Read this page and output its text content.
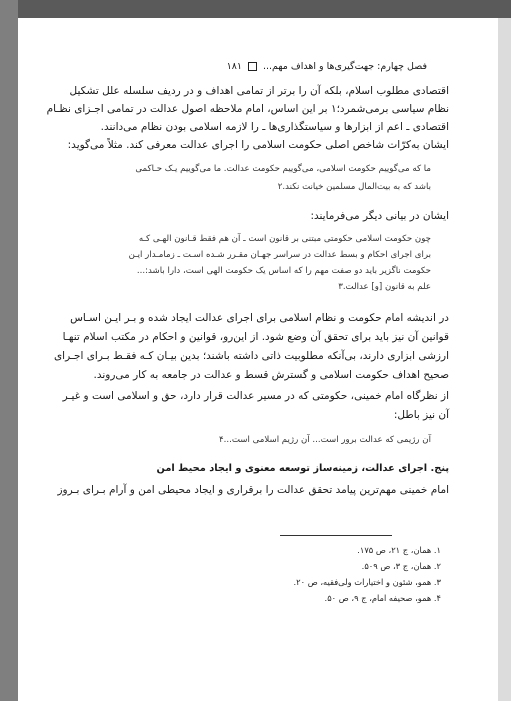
فصل چهارم: جهت‌گیری‌ها و اهداف مهم...۱۸۱
اقتصادی مطلوب اسلام، بلکه آن را برتر از تمامی اهداف و در ردیف سلسله علل تشکیل
نظام سیاسی برمی‌شمرد؛۱ بر این اساس، امام ملاحظه اصول عدالت در تمامی اجـزای نظـام
اقتصادی ـ اعم از ابزارها و سیاستگذاری‌ها ـ را لازمه اسلامی بودن نظام می‌دانند.
ایشان به‌کرّات شاخص اصلی حکومت اسلامی را اجرای عدالت معرفی کند. مثلاً می‌گوید:
ما که می‌گوییم حکومت اسلامی، می‌گوییم حکومت عدالت. ما می‌گوییم یـک حـاکمی
باشد که به بیت‌المال مسلمین خیانت نکند.۲
ایشان در بیانی دیگر می‌فرمایند:
چون حکومت اسلامی حکومتی مبتنی بر قانون است ـ آن هم فقط قـانون الهـی کـه
برای اجرای احکام و بسط عدالت در سراسر جهـان مقـرر شـده اسـت ـ زمامـدار ایـن
حکومت ناگزیر باید دو صفت مهم را که اساس یک حکومت الهی است، دارا باشد:...
علم به قانون [و] عدالت.۳
در اندیشه امام حکومت و نظام اسلامی برای اجرای عدالت ایجاد شده و بـر ایـن اسـاس
قوانین آن نیز باید برای تحقق آن وضع شود. از این‌رو، قوانین و احکام در مکتب اسلام تنهـا
ارزشی ابزاری دارند، بی‌آنکه مطلوبیت ذاتی داشته باشند؛ بدین بیـان کـه فقـط بـرای اجـرای
صحیح اهداف حکومت اسلامی و گسترش قسط و عدالت در جامعه به کار می‌روند.
از نظرگاه امام خمینی، حکومتی که در مسیر عدالت قرار دارد، حق و اسلامی است و غیـر
آن نیز باطل:
آن رژیمی که عدالت برور است... آن رژیم اسلامی است...۴
پنج. اجرای عدالت، زمینه‌ساز توسعه معنوی و ایجاد محیط امن
امام خمینی مهم‌ترین پیامد تحقق عدالت را برقراری و ایجاد محیطی امن و آرام بـرای بـروز
۱. همان، ج ۲۱، ص ۱۷۵.
۲. همان، ج ۳، ص ۵۰۹.
۳. همو، شئون و اختیارات ولی‌فقیه، ص ۲۰.
۴. همو، صحیفه امام، ج ۹، ص ۵۰.
